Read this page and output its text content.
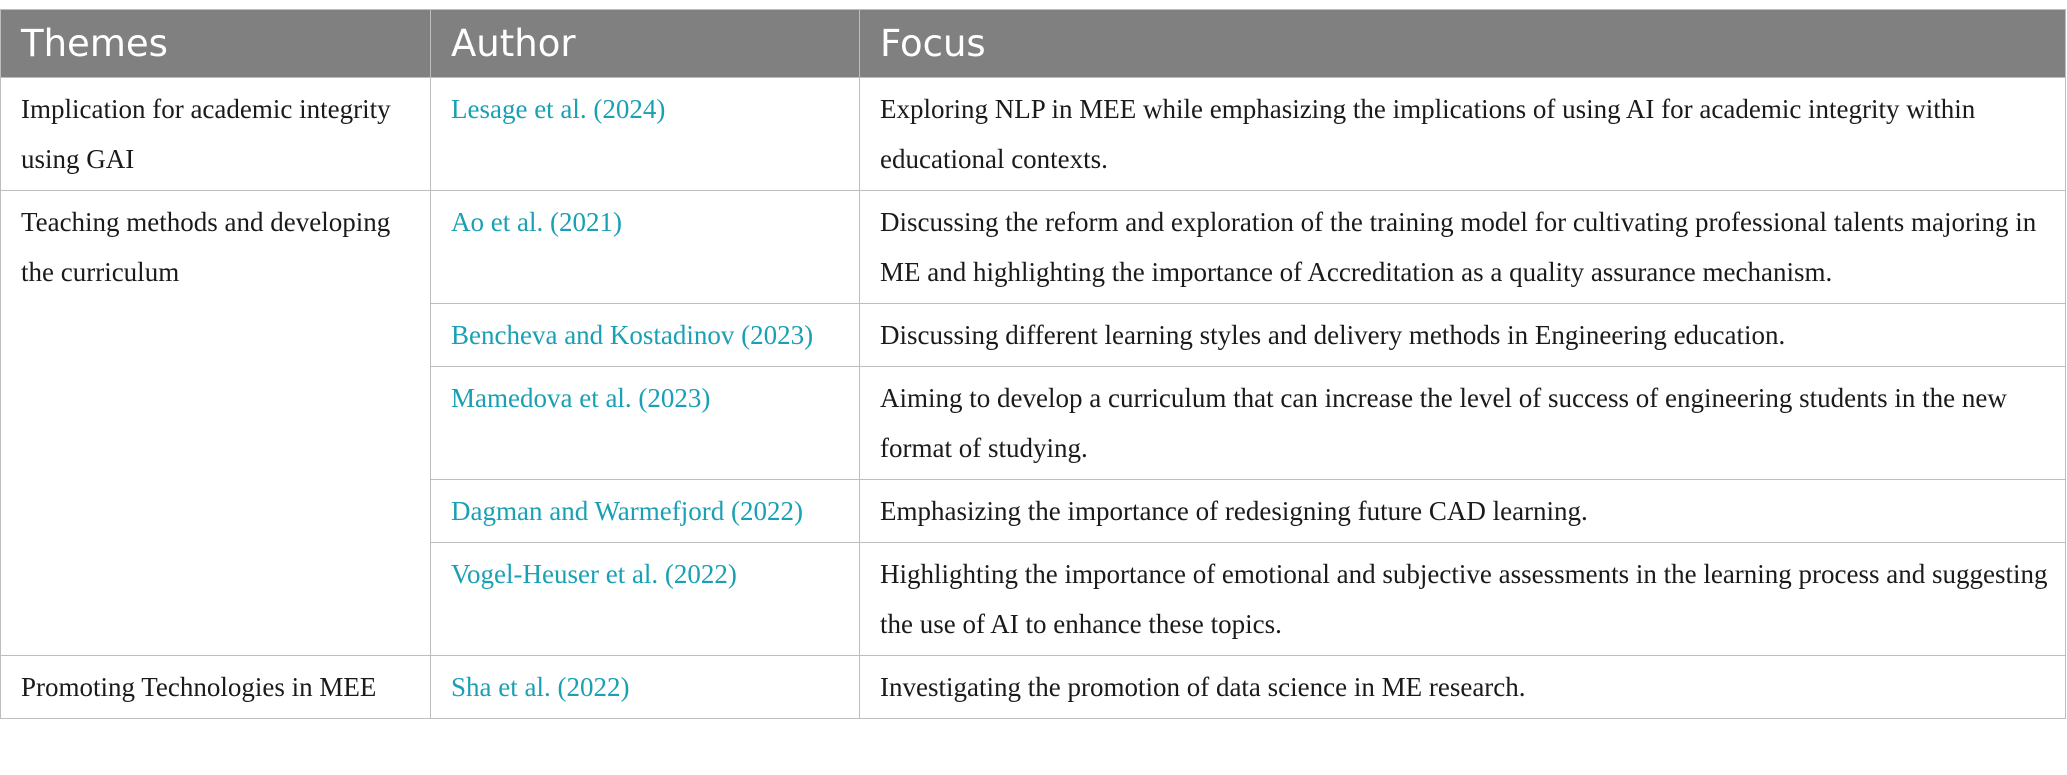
Themes	Author	Focus
Implication for academic integrity using GAI	Lesage et al. (2024)	Exploring NLP in MEE while emphasizing the implications of using AI for academic integrity within educational contexts.
Teaching methods and developing the curriculum	Ao et al. (2021)	Discussing the reform and exploration of the training model for cultivating professional talents majoring in ME and highlighting the importance of Accreditation as a quality assurance mechanism.
	Bencheva and Kostadinov (2023)	Discussing different learning styles and delivery methods in Engineering education.
	Mamedova et al. (2023)	Aiming to develop a curriculum that can increase the level of success of engineering students in the new format of studying.
	Dagman and Warmefjord (2022)	Emphasizing the importance of redesigning future CAD learning.
	Vogel-Heuser et al. (2022)	Highlighting the importance of emotional and subjective assessments in the learning process and suggesting the use of AI to enhance these topics.
Promoting Technologies in MEE	Sha et al. (2022)	Investigating the promotion of data science in ME research.
